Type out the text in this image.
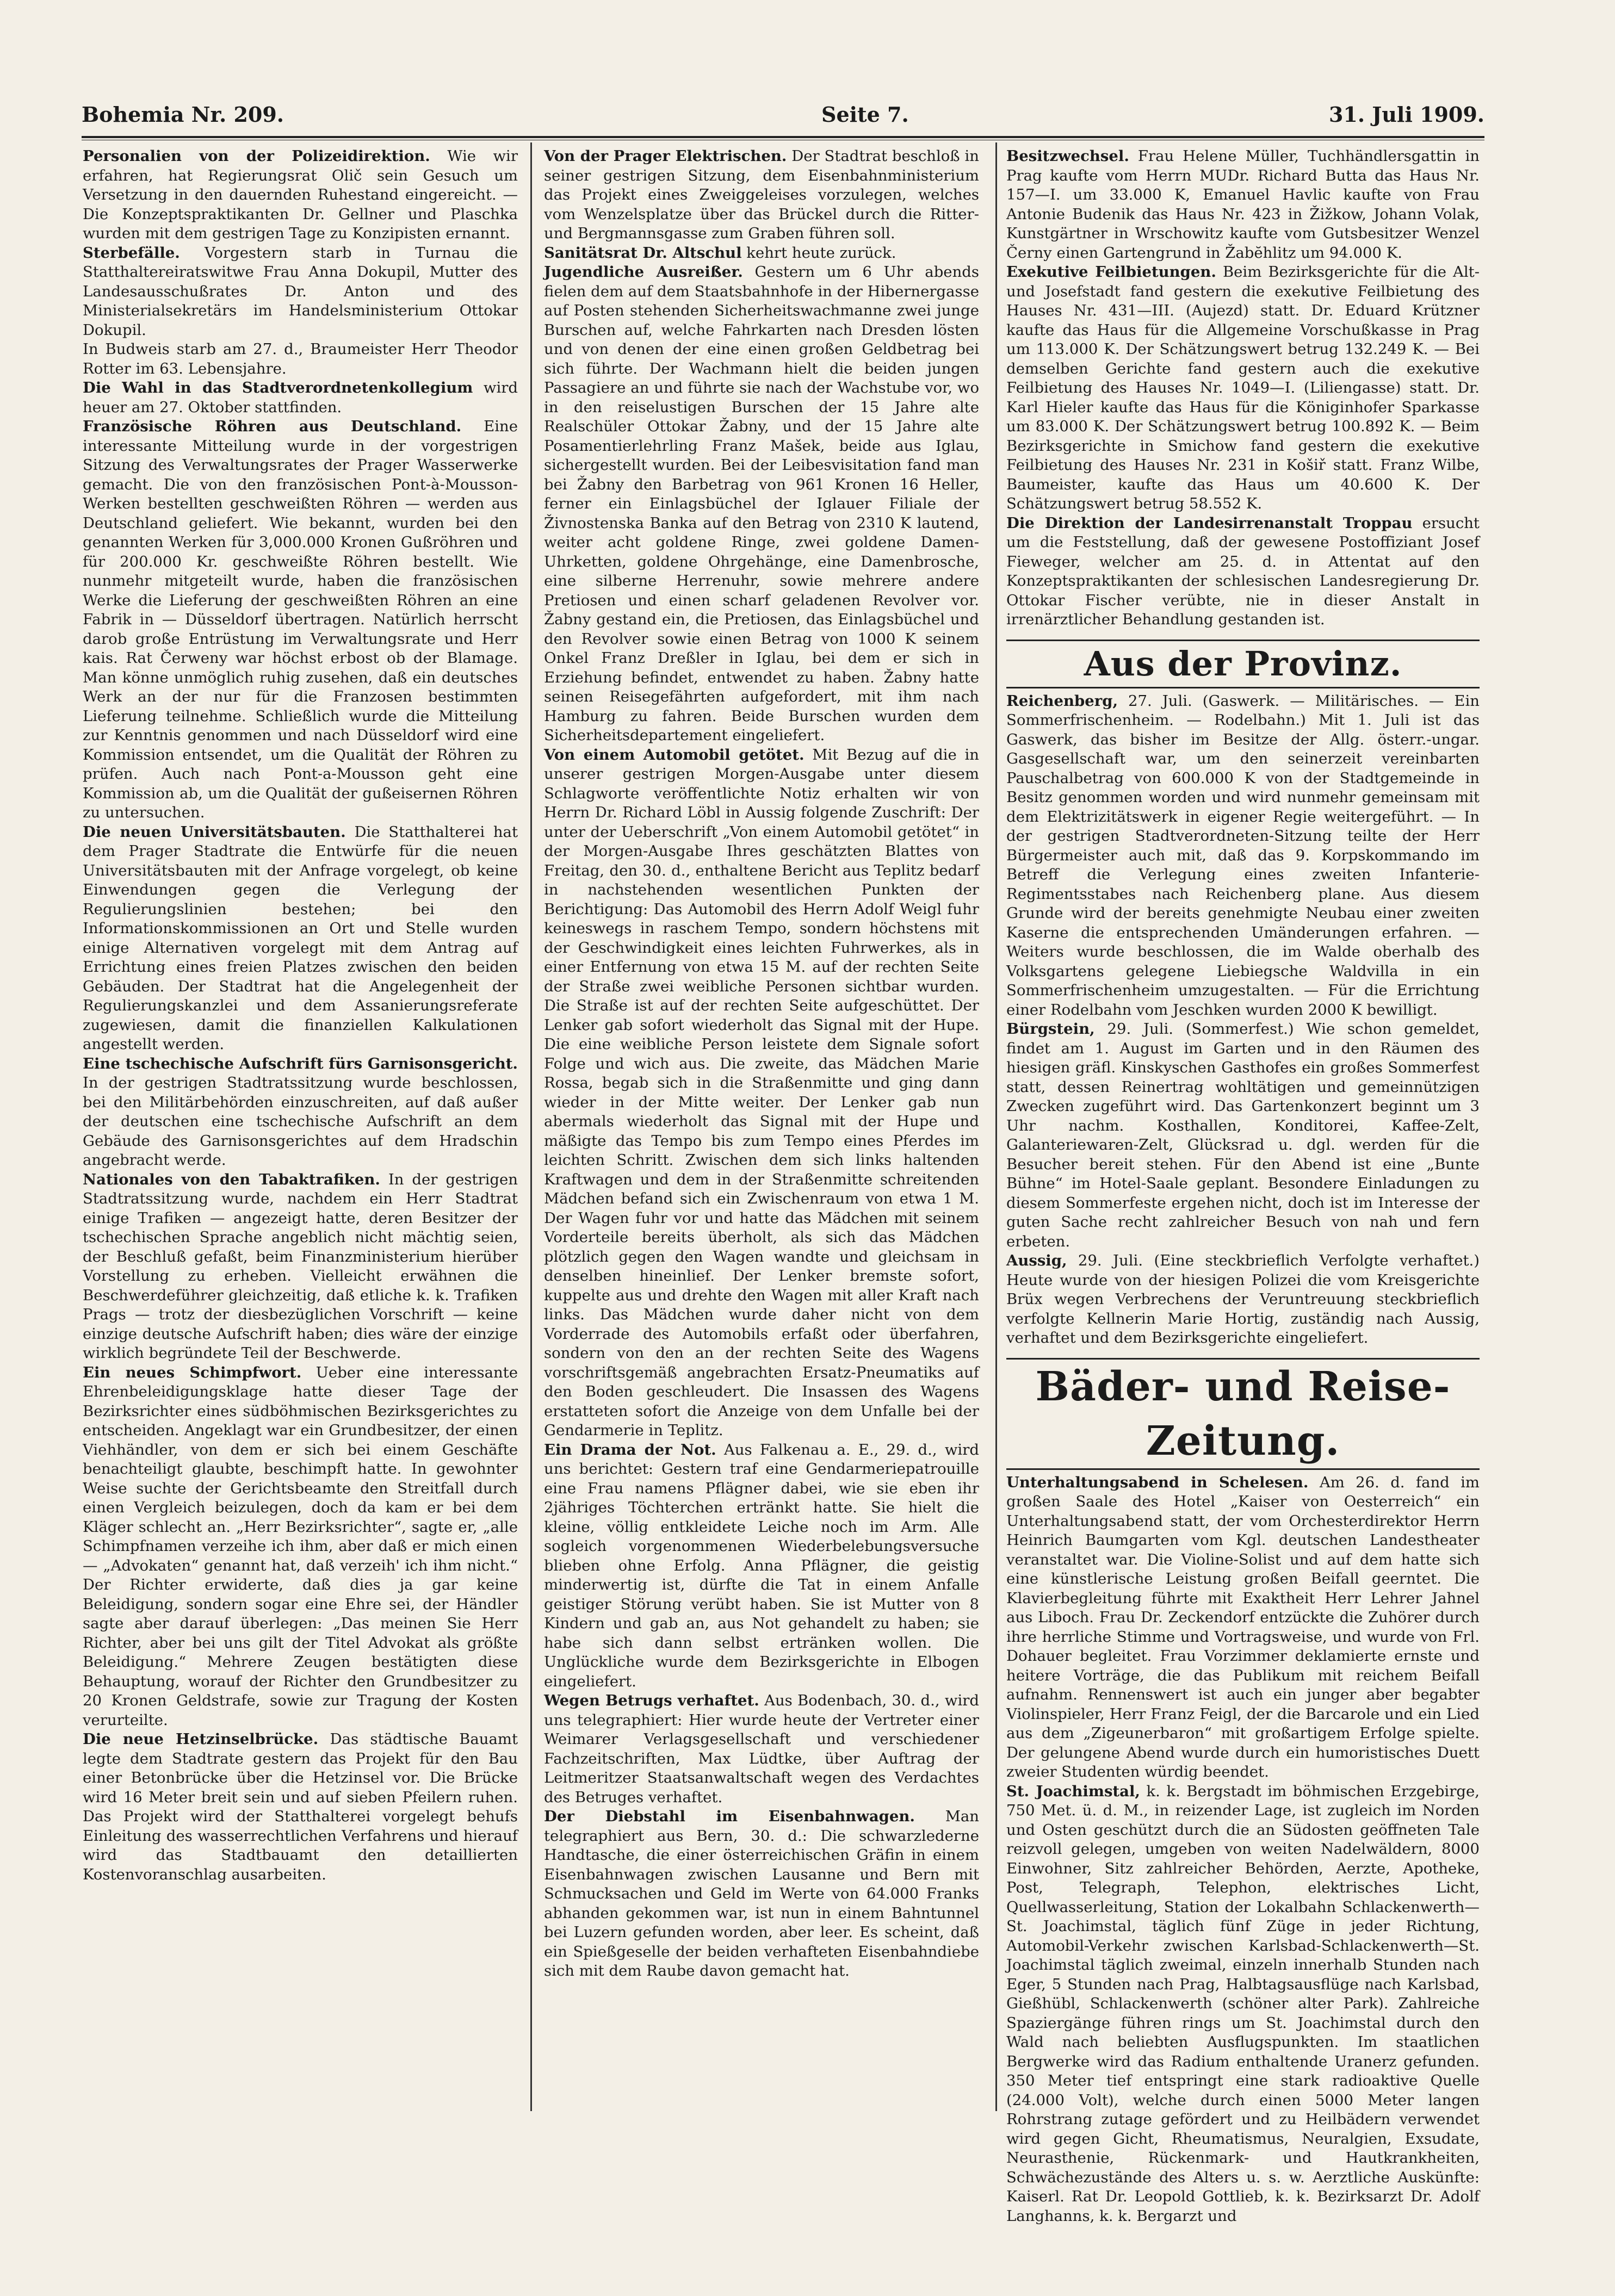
Bohemia Nr. 209.	Seite 7.	31. Juli 1909.

Personalien von der Polizeidirektion. Wie wir erfahren, hat Regierungsrat Olič sein Gesuch um Versetzung in den dauernden Ruhestand eingereicht. — Die Konzeptspraktikanten Dr. Gellner und Plaschka wurden mit dem gestrigen Tage zu Konzipisten ernannt.

Sterbefälle. Vorgestern starb in Turnau die Statthaltereiratswitwe Frau Anna Dokupil, Mutter des Landesausschußrates Dr. Anton und des Ministerialsekretärs im Handelsministerium Ottokar Dokupil.

In Budweis starb am 27. d., Braumeister Herr Theodor Rotter im 63. Lebensjahre.

Die Wahl in das Stadtverordnetenkollegium wird heuer am 27. Oktober stattfinden.

Französische Röhren aus Deutschland. Eine interessante Mitteilung wurde in der vorgestrigen Sitzung des Verwaltungsrates der Prager Wasserwerke gemacht. Die von den französischen Pont-à-Mousson-Werken bestellten geschweißten Röhren — werden aus Deutschland geliefert. Wie bekannt, wurden bei den genannten Werken für 3,000.000 Kronen Gußröhren und für 200.000 Kr. geschweißte Röhren bestellt. Wie nunmehr mitgeteilt wurde, haben die französischen Werke die Lieferung der geschweißten Röhren an eine Fabrik in — Düsseldorf übertragen. Natürlich herrscht darob große Entrüstung im Verwaltungsrate und Herr kais. Rat Čerweny war höchst erbost ob der Blamage. Man könne unmöglich ruhig zusehen, daß ein deutsches Werk an der nur für die Franzosen bestimmten Lieferung teilnehme. Schließlich wurde die Mitteilung zur Kenntnis genommen und nach Düsseldorf wird eine Kommission entsendet, um die Qualität der Röhren zu prüfen. Auch nach Pont-a-Mousson geht eine Kommission ab, um die Qualität der gußeisernen Röhren zu untersuchen.

Die neuen Universitätsbauten. Die Statthalterei hat dem Prager Stadtrate die Entwürfe für die neuen Universitätsbauten mit der Anfrage vorgelegt, ob keine Einwendungen gegen die Verlegung der Regulierungslinien bestehen; bei den Informationskommissionen an Ort und Stelle wurden einige Alternativen vorgelegt mit dem Antrag auf Errichtung eines freien Platzes zwischen den beiden Gebäuden. Der Stadtrat hat die Angelegenheit der Regulierungskanzlei und dem Assanierungsreferate zugewiesen, damit die finanziellen Kalkulationen angestellt werden.

Eine tschechische Aufschrift fürs Garnisonsgericht. In der gestrigen Stadtratssitzung wurde beschlossen, bei den Militärbehörden einzuschreiten, auf daß außer der deutschen eine tschechische Aufschrift an dem Gebäude des Garnisonsgerichtes auf dem Hradschin angebracht werde.

Nationales von den Tabaktrafiken. In der gestrigen Stadtratssitzung wurde, nachdem ein Herr Stadtrat einige Trafiken — angezeigt hatte, deren Besitzer der tschechischen Sprache angeblich nicht mächtig seien, der Beschluß gefaßt, beim Finanzministerium hierüber Vorstellung zu erheben. Vielleicht erwähnen die Beschwerdeführer gleichzeitig, daß etliche k. k. Trafiken Prags — trotz der diesbezüglichen Vorschrift — keine einzige deutsche Aufschrift haben; dies wäre der einzige wirklich begründete Teil der Beschwerde.

Ein neues Schimpfwort. Ueber eine interessante Ehrenbeleidigungsklage hatte dieser Tage der Bezirksrichter eines südböhmischen Bezirksgerichtes zu entscheiden. Angeklagt war ein Grundbesitzer, der einen Viehhändler, von dem er sich bei einem Geschäfte benachteiligt glaubte, beschimpft hatte. In gewohnter Weise suchte der Gerichtsbeamte den Streitfall durch einen Vergleich beizulegen, doch da kam er bei dem Kläger schlecht an. „Herr Bezirksrichter“, sagte er, „alle Schimpfnamen verzeihe ich ihm, aber daß er mich einen — „Advokaten“ genannt hat, daß verzeih' ich ihm nicht.“ Der Richter erwiderte, daß dies ja gar keine Beleidigung, sondern sogar eine Ehre sei, der Händler sagte aber darauf überlegen: „Das meinen Sie Herr Richter, aber bei uns gilt der Titel Advokat als größte Beleidigung.“ Mehrere Zeugen bestätigten diese Behauptung, worauf der Richter den Grundbesitzer zu 20 Kronen Geldstrafe, sowie zur Tragung der Kosten verurteilte.

Die neue Hetzinselbrücke. Das städtische Bauamt legte dem Stadtrate gestern das Projekt für den Bau einer Betonbrücke über die Hetzinsel vor. Die Brücke wird 16 Meter breit sein und auf sieben Pfeilern ruhen. Das Projekt wird der Statthalterei vorgelegt behufs Einleitung des wasserrechtlichen Verfahrens und hierauf wird das Stadtbauamt den detaillierten Kostenvoranschlag ausarbeiten.

Von der Prager Elektrischen. Der Stadtrat beschloß in seiner gestrigen Sitzung, dem Eisenbahnministerium das Projekt eines Zweiggeleises vorzulegen, welches vom Wenzelsplatze über das Brückel durch die Ritter- und Bergmannsgasse zum Graben führen soll.

Sanitätsrat Dr. Altschul kehrt heute zurück.

Jugendliche Ausreißer. Gestern um 6 Uhr abends fielen dem auf dem Staatsbahnhofe in der Hibernergasse auf Posten stehenden Sicherheitswachmanne zwei junge Burschen auf, welche Fahrkarten nach Dresden lösten und von denen der eine einen großen Geldbetrag bei sich führte. Der Wachmann hielt die beiden jungen Passagiere an und führte sie nach der Wachstube vor, wo in den reiselustigen Burschen der 15 Jahre alte Realschüler Ottokar Žabny, und der 15 Jahre alte Posamentierlehrling Franz Mašek, beide aus Iglau, sichergestellt wurden. Bei der Leibesvisitation fand man bei Žabny den Barbetrag von 961 Kronen 16 Heller, ferner ein Einlagsbüchel der Iglauer Filiale der Živnostenska Banka auf den Betrag von 2310 K lautend, weiter acht goldene Ringe, zwei goldene Damen-Uhrketten, goldene Ohrgehänge, eine Damenbrosche, eine silberne Herrenuhr, sowie mehrere andere Pretiosen und einen scharf geladenen Revolver vor. Žabny gestand ein, die Pretiosen, das Einlagsbüchel und den Revolver sowie einen Betrag von 1000 K seinem Onkel Franz Dreßler in Iglau, bei dem er sich in Erziehung befindet, entwendet zu haben. Žabny hatte seinen Reisegefährten aufgefordert, mit ihm nach Hamburg zu fahren. Beide Burschen wurden dem Sicherheitsdepartement eingeliefert.

Von einem Automobil getötet. Mit Bezug auf die in unserer gestrigen Morgen-Ausgabe unter diesem Schlagworte veröffentlichte Notiz erhalten wir von Herrn Dr. Richard Löbl in Aussig folgende Zuschrift: Der unter der Ueberschrift „Von einem Automobil getötet“ in der Morgen-Ausgabe Ihres geschätzten Blattes von Freitag, den 30. d., enthaltene Bericht aus Teplitz bedarf in nachstehenden wesentlichen Punkten der Berichtigung: Das Automobil des Herrn Adolf Weigl fuhr keineswegs in raschem Tempo, sondern höchstens mit der Geschwindigkeit eines leichten Fuhrwerkes, als in einer Entfernung von etwa 15 M. auf der rechten Seite der Straße zwei weibliche Personen sichtbar wurden. Die Straße ist auf der rechten Seite aufgeschüttet. Der Lenker gab sofort wiederholt das Signal mit der Hupe. Die eine weibliche Person leistete dem Signale sofort Folge und wich aus. Die zweite, das Mädchen Marie Rossa, begab sich in die Straßenmitte und ging dann wieder in der Mitte weiter. Der Lenker gab nun abermals wiederholt das Signal mit der Hupe und mäßigte das Tempo bis zum Tempo eines Pferdes im leichten Schritt. Zwischen dem sich links haltenden Kraftwagen und dem in der Straßenmitte schreitenden Mädchen befand sich ein Zwischenraum von etwa 1 M. Der Wagen fuhr vor und hatte das Mädchen mit seinem Vorderteile bereits überholt, als sich das Mädchen plötzlich gegen den Wagen wandte und gleichsam in denselben hineinlief. Der Lenker bremste sofort, kuppelte aus und drehte den Wagen mit aller Kraft nach links. Das Mädchen wurde daher nicht von dem Vorderrade des Automobils erfaßt oder überfahren, sondern von den an der rechten Seite des Wagens vorschriftsgemäß angebrachten Ersatz-Pneumatiks auf den Boden geschleudert. Die Insassen des Wagens erstatteten sofort die Anzeige von dem Unfalle bei der Gendarmerie in Teplitz.

Ein Drama der Not. Aus Falkenau a. E., 29. d., wird uns berichtet: Gestern traf eine Gendarmeriepatrouille eine Frau namens Pflägner dabei, wie sie eben ihr 2jähriges Töchterchen ertränkt hatte. Sie hielt die kleine, völlig entkleidete Leiche noch im Arm. Alle sogleich vorgenommenen Wiederbelebungsversuche blieben ohne Erfolg. Anna Pflägner, die geistig minderwertig ist, dürfte die Tat in einem Anfalle geistiger Störung verübt haben. Sie ist Mutter von 8 Kindern und gab an, aus Not gehandelt zu haben; sie habe sich dann selbst ertränken wollen. Die Unglückliche wurde dem Bezirksgerichte in Elbogen eingeliefert.

Wegen Betrugs verhaftet. Aus Bodenbach, 30. d., wird uns telegraphiert: Hier wurde heute der Vertreter einer Weimarer Verlagsgesellschaft und verschiedener Fachzeitschriften, Max Lüdtke, über Auftrag der Leitmeritzer Staatsanwaltschaft wegen des Verdachtes des Betruges verhaftet.

Der Diebstahl im Eisenbahnwagen. Man telegraphiert aus Bern, 30. d.: Die schwarzlederne Handtasche, die einer österreichischen Gräfin in einem Eisenbahnwagen zwischen Lausanne und Bern mit Schmucksachen und Geld im Werte von 64.000 Franks abhanden gekommen war, ist nun in einem Bahntunnel bei Luzern gefunden worden, aber leer. Es scheint, daß ein Spießgeselle der beiden verhafteten Eisenbahndiebe sich mit dem Raube davon gemacht hat.

Besitzwechsel. Frau Helene Müller, Tuchhändlersgattin in Prag kaufte vom Herrn MUDr. Richard Butta das Haus Nr. 157—I. um 33.000 K, Emanuel Havlic kaufte von Frau Antonie Budenik das Haus Nr. 423 in Žižkow, Johann Volak, Kunstgärtner in Wrschowitz kaufte vom Gutsbesitzer Wenzel Černy einen Gartengrund in Žabĕhlitz um 94.000 K.

Exekutive Feilbietungen. Beim Bezirksgerichte für die Alt- und Josefstadt fand gestern die exekutive Feilbietung des Hauses Nr. 431—III. (Aujezd) statt. Dr. Eduard Krützner kaufte das Haus für die Allgemeine Vorschußkasse in Prag um 113.000 K. Der Schätzungswert betrug 132.249 K. — Bei demselben Gerichte fand gestern auch die exekutive Feilbietung des Hauses Nr. 1049—I. (Liliengasse) statt. Dr. Karl Hieler kaufte das Haus für die Königinhofer Sparkasse um 83.000 K. Der Schätzungswert betrug 100.892 K. — Beim Bezirksgerichte in Smichow fand gestern die exekutive Feilbietung des Hauses Nr. 231 in Košiř statt. Franz Wilbe, Baumeister, kaufte das Haus um 40.600 K. Der Schätzungswert betrug 58.552 K.

Die Direktion der Landesirrenanstalt Troppau ersucht um die Feststellung, daß der gewesene Postoffiziant Josef Fieweger, welcher am 25. d. in Attentat auf den Konzeptspraktikanten der schlesischen Landesregierung Dr. Ottokar Fischer verübte, nie in dieser Anstalt in irrenärztlicher Behandlung gestanden ist.

Aus der Provinz.

Reichenberg, 27. Juli. (Gaswerk. — Militärisches. — Ein Sommerfrischenheim. — Rodelbahn.) Mit 1. Juli ist das Gaswerk, das bisher im Besitze der Allg. österr.-ungar. Gasgesellschaft war, um den seinerzeit vereinbarten Pauschalbetrag von 600.000 K von der Stadtgemeinde in Besitz genommen worden und wird nunmehr gemeinsam mit dem Elektrizitätswerk in eigener Regie weitergeführt. — In der gestrigen Stadtverordneten-Sitzung teilte der Herr Bürgermeister auch mit, daß das 9. Korpskommando im Betreff die Verlegung eines zweiten Infanterie-Regimentsstabes nach Reichenberg plane. Aus diesem Grunde wird der bereits genehmigte Neubau einer zweiten Kaserne die entsprechenden Umänderungen erfahren. — Weiters wurde beschlossen, die im Walde oberhalb des Volksgartens gelegene Liebiegsche Waldvilla in ein Sommerfrischenheim umzugestalten. — Für die Errichtung einer Rodelbahn vom Jeschken wurden 2000 K bewilligt.

Bürgstein, 29. Juli. (Sommerfest.) Wie schon gemeldet, findet am 1. August im Garten und in den Räumen des hiesigen gräfl. Kinskyschen Gasthofes ein großes Sommerfest statt, dessen Reinertrag wohltätigen und gemeinnützigen Zwecken zugeführt wird. Das Gartenkonzert beginnt um 3 Uhr nachm. Kosthallen, Konditorei, Kaffee-Zelt, Galanteriewaren-Zelt, Glücksrad u. dgl. werden für die Besucher bereit stehen. Für den Abend ist eine „Bunte Bühne“ im Hotel-Saale geplant. Besondere Einladungen zu diesem Sommerfeste ergehen nicht, doch ist im Interesse der guten Sache recht zahlreicher Besuch von nah und fern erbeten.

Aussig, 29. Juli. (Eine steckbrieflich Verfolgte verhaftet.) Heute wurde von der hiesigen Polizei die vom Kreisgerichte Brüx wegen Verbrechens der Veruntreuung steckbrieflich verfolgte Kellnerin Marie Hortig, zuständig nach Aussig, verhaftet und dem Bezirksgerichte eingeliefert.

Bäder- und Reise-Zeitung.

Unterhaltungsabend in Schelesen. Am 26. d. fand im großen Saale des Hotel „Kaiser von Oesterreich“ ein Unterhaltungsabend statt, der vom Orchesterdirektor Herrn Heinrich Baumgarten vom Kgl. deutschen Landestheater veranstaltet war. Die Violine-Solist und auf dem hatte sich eine künstlerische Leistung großen Beifall geerntet. Die Klavierbegleitung führte mit Exaktheit Herr Lehrer Jahnel aus Liboch. Frau Dr. Zeckendorf entzückte die Zuhörer durch ihre herrliche Stimme und Vortragsweise, und wurde von Frl. Dohauer begleitet. Frau Vorzimmer deklamierte ernste und heitere Vorträge, die das Publikum mit reichem Beifall aufnahm. Rennenswert ist auch ein junger aber begabter Violinspieler, Herr Franz Feigl, der die Barcarole und ein Lied aus dem „Zigeunerbaron“ mit großartigem Erfolge spielte. Der gelungene Abend wurde durch ein humoristisches Duett zweier Studenten würdig beendet.

St. Joachimstal, k. k. Bergstadt im böhmischen Erzgebirge, 750 Met. ü. d. M., in reizender Lage, ist zugleich im Norden und Osten geschützt durch die an Südosten geöffneten Tale reizvoll gelegen, umgeben von weiten Nadelwäldern, 8000 Einwohner, Sitz zahlreicher Behörden, Aerzte, Apotheke, Post, Telegraph, Telephon, elektrisches Licht, Quellwasserleitung, Station der Lokalbahn Schlackenwerth—St. Joachimstal, täglich fünf Züge in jeder Richtung, Automobil-Verkehr zwischen Karlsbad-Schlackenwerth—St. Joachimstal täglich zweimal, einzeln innerhalb Stunden nach Eger, 5 Stunden nach Prag, Halbtagsausflüge nach Karlsbad, Gießhübl, Schlackenwerth (schöner alter Park). Zahlreiche Spaziergänge führen rings um St. Joachimstal durch den Wald nach beliebten Ausflugspunkten. Im staatlichen Bergwerke wird das Radium enthaltende Uranerz gefunden. 350 Meter tief entspringt eine stark radioaktive Quelle (24.000 Volt), welche durch einen 5000 Meter langen Rohrstrang zutage gefördert und zu Heilbädern verwendet wird gegen Gicht, Rheumatismus, Neuralgien, Exsudate, Neurasthenie, Rückenmark- und Hautkrankheiten, Schwächezustände des Alters u. s. w. Aerztliche Auskünfte: Kaiserl. Rat Dr. Leopold Gottlieb, k. k. Bezirksarzt Dr. Adolf Langhanns, k. k. Bergarzt und
